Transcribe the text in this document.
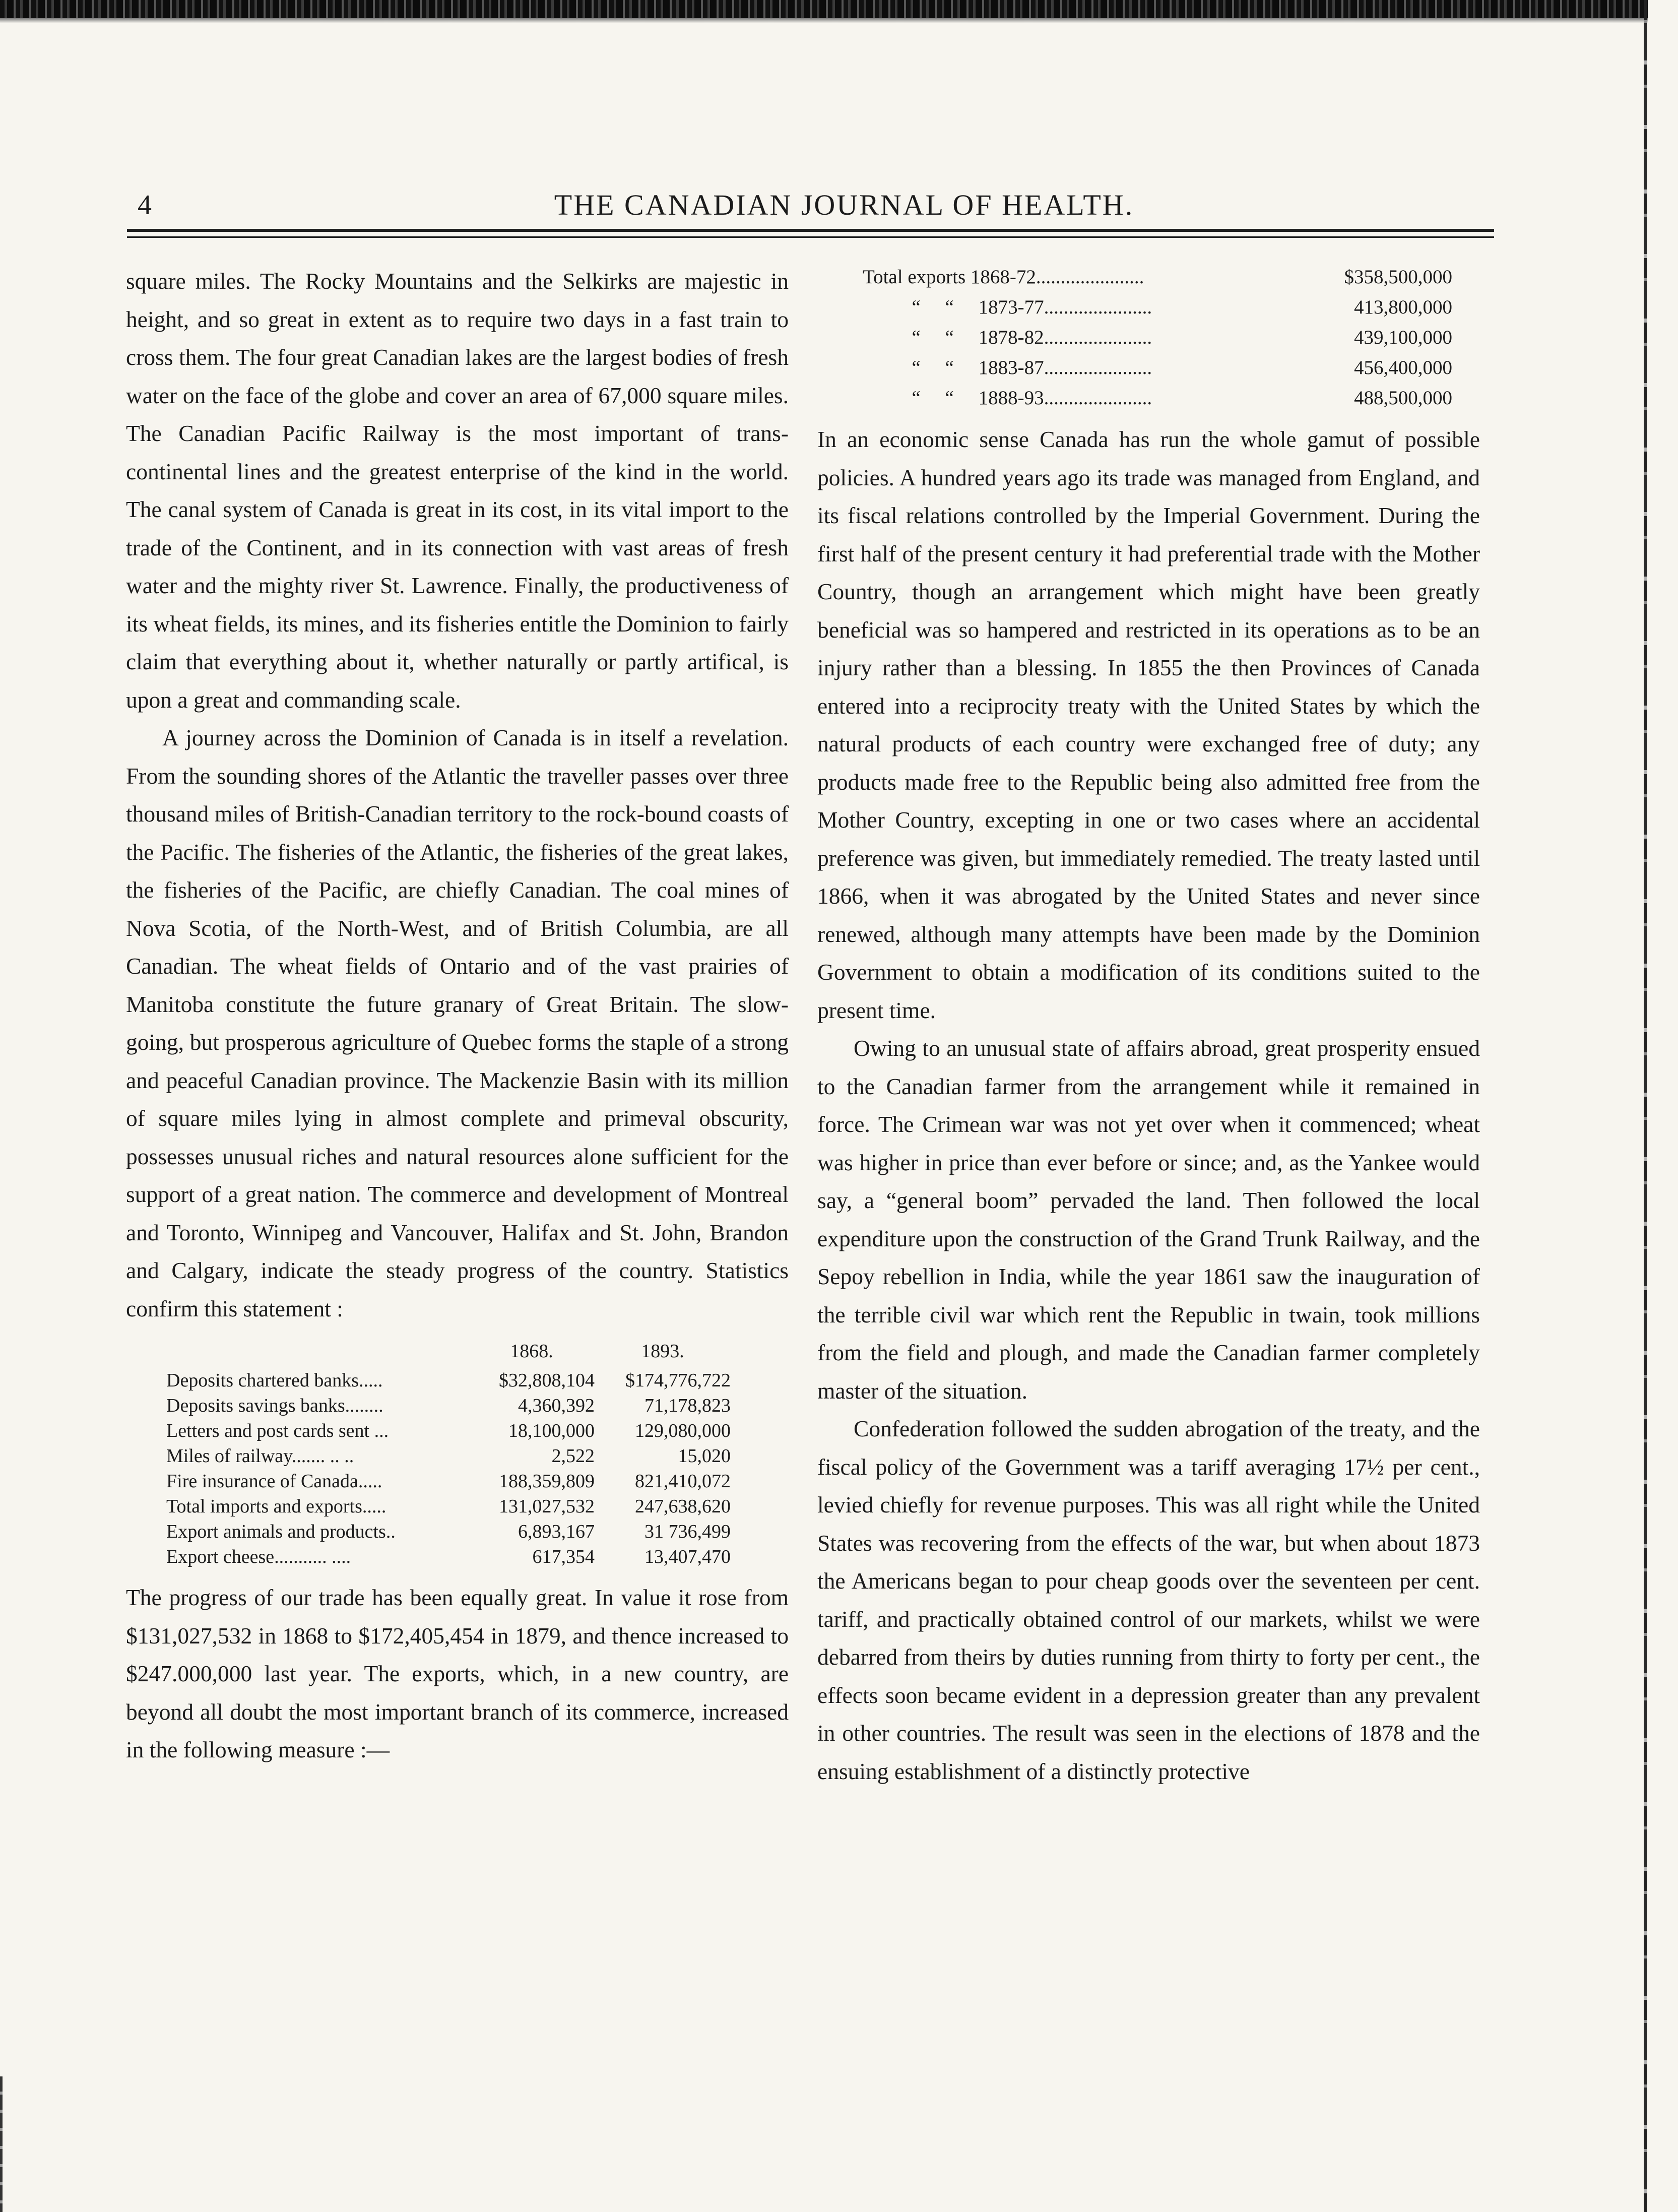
4	THE CANADIAN JOURNAL OF HEALTH.

square miles. The Rocky Mountains and the Selkirks are majestic in height, and so great in extent as to require two days in a fast train to cross them. The four great Canadian lakes are the largest bodies of fresh water on the face of the globe and cover an area of 67,000 square miles. The Canadian Pacific Railway is the most important of trans-continental lines and the greatest enterprise of the kind in the world. The canal system of Canada is great in its cost, in its vital import to the trade of the Continent, and in its connection with vast areas of fresh water and the mighty river St. Lawrence. Finally, the productiveness of its wheat fields, its mines, and its fisheries entitle the Dominion to fairly claim that everything about it, whether naturally or partly artifical, is upon a great and commanding scale.

A journey across the Dominion of Canada is in itself a revelation. From the sounding shores of the Atlantic the traveller passes over three thousand miles of British-Canadian territory to the rock-bound coasts of the Pacific. The fisheries of the Atlantic, the fisheries of the great lakes, the fisheries of the Pacific, are chiefly Canadian. The coal mines of Nova Scotia, of the North-West, and of British Columbia, are all Canadian. The wheat fields of Ontario and of the vast prairies of Manitoba constitute the future granary of Great Britain. The slow-going, but prosperous agriculture of Quebec forms the staple of a strong and peaceful Canadian province. The Mackenzie Basin with its million of square miles lying in almost complete and primeval obscurity, possesses unusual riches and natural resources alone sufficient for the support of a great nation. The commerce and development of Montreal and Toronto, Winnipeg and Vancouver, Halifax and St. John, Brandon and Calgary, indicate the steady progress of the country. Statistics confirm this statement :

1868.	1893.
Deposits chartered banks.....	$32,808,104	$174,776,722
Deposits savings banks........	4,360,392	71,178,823
Letters and post cards sent ...	18,100,000	129,080,000
Miles of railway....... .. ..	2,522	15,020
Fire insurance of Canada.....	188,359,809	821,410,072
Total imports and exports.....	131,027,532	247,638,620
Export animals and products..	6,893,167	31 736,499
Export cheese........... ....	617,354	13,407,470

The progress of our trade has been equally great. In value it rose from $131,027,532 in 1868 to $172,405,454 in 1879, and thence increased to $247.000,000 last year. The exports, which, in a new country, are beyond all doubt the most important branch of its commerce, increased in the following measure :—

Total exports 1868-72......................	$358,500,000
“     “     1873-77......................	413,800,000
“     “     1878-82......................	439,100,000
“     “     1883-87......................	456,400,000
“     “     1888-93......................	488,500,000

In an economic sense Canada has run the whole gamut of possible policies. A hundred years ago its trade was managed from England, and its fiscal relations controlled by the Imperial Government. During the first half of the present century it had preferential trade with the Mother Country, though an arrangement which might have been greatly beneficial was so hampered and restricted in its operations as to be an injury rather than a blessing. In 1855 the then Provinces of Canada entered into a reciprocity treaty with the United States by which the natural products of each country were exchanged free of duty; any products made free to the Republic being also admitted free from the Mother Country, excepting in one or two cases where an accidental preference was given, but immediately remedied. The treaty lasted until 1866, when it was abrogated by the United States and never since renewed, although many attempts have been made by the Dominion Government to obtain a modification of its conditions suited to the present time.

Owing to an unusual state of affairs abroad, great prosperity ensued to the Canadian farmer from the arrangement while it remained in force. The Crimean war was not yet over when it commenced; wheat was higher in price than ever before or since; and, as the Yankee would say, a “general boom” pervaded the land. Then followed the local expenditure upon the construction of the Grand Trunk Railway, and the Sepoy rebellion in India, while the year 1861 saw the inauguration of the terrible civil war which rent the Republic in twain, took millions from the field and plough, and made the Canadian farmer completely master of the situation.

Confederation followed the sudden abrogation of the treaty, and the fiscal policy of the Government was a tariff averaging 17½ per cent., levied chiefly for revenue purposes. This was all right while the United States was recovering from the effects of the war, but when about 1873 the Americans began to pour cheap goods over the seventeen per cent. tariff, and practically obtained control of our markets, whilst we were debarred from theirs by duties running from thirty to forty per cent., the effects soon became evident in a depression greater than any prevalent in other countries. The result was seen in the elections of 1878 and the ensuing establishment of a distinctly protective
